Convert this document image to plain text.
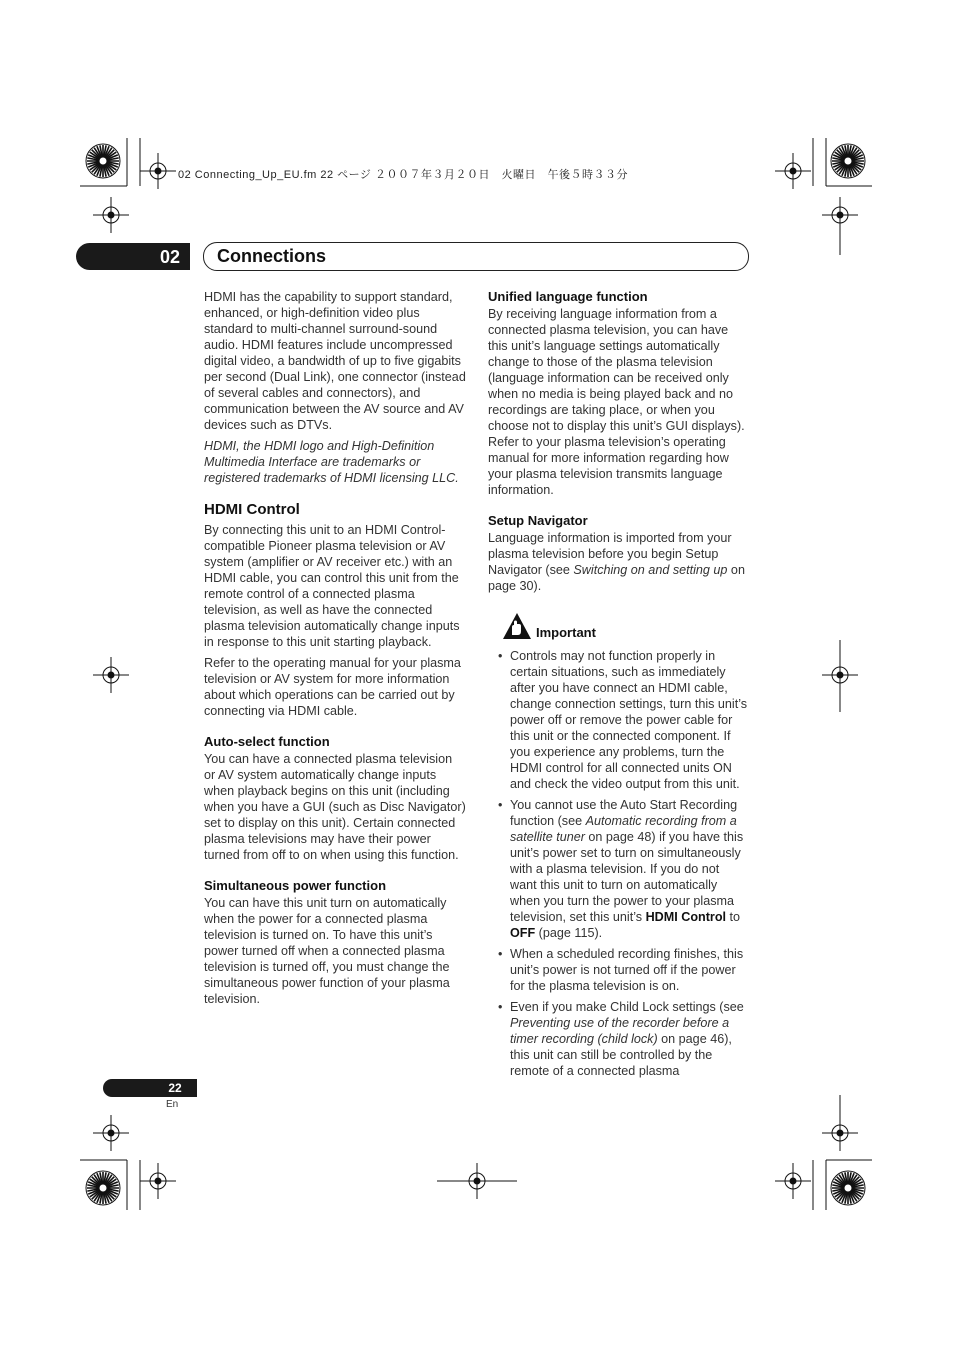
02 Connecting_Up_EU.fm 22 ページ ２００７年３月２０日　火曜日　午後５時３３分
02	Connections

HDMI has the capability to support standard, enhanced, or high-definition video plus standard to multi-channel surround-sound audio. HDMI features include uncompressed digital video, a bandwidth of up to five gigabits per second (Dual Link), one connector (instead of several cables and connectors), and communication between the AV source and AV devices such as DTVs.

HDMI, the HDMI logo and High-Definition Multimedia Interface are trademarks or registered trademarks of HDMI licensing LLC.

HDMI Control

By connecting this unit to an HDMI Control-compatible Pioneer plasma television or AV system (amplifier or AV receiver etc.) with an HDMI cable, you can control this unit from the remote control of a connected plasma television, as well as have the connected plasma television automatically change inputs in response to this unit starting playback.

Refer to the operating manual for your plasma television or AV system for more information about which operations can be carried out by connecting via HDMI cable.

Auto-select function

You can have a connected plasma television or AV system automatically change inputs when playback begins on this unit (including when you have a GUI (such as Disc Navigator) set to display on this unit). Certain connected plasma televisions may have their power turned from off to on when using this function.

Simultaneous power function

You can have this unit turn on automatically when the power for a connected plasma television is turned on. To have this unit’s power turned off when a connected plasma television is turned off, you must change the simultaneous power function of your plasma television.

Unified language function

By receiving language information from a connected plasma television, you can have this unit’s language settings automatically change to those of the plasma television (language information can be received only when no media is being played back and no recordings are taking place, or when you choose not to display this unit’s GUI displays). Refer to your plasma television’s operating manual for more information regarding how your plasma television transmits language information.

Setup Navigator

Language information is imported from your plasma television before you begin Setup Navigator (see Switching on and setting up on page 30).

Important
• Controls may not function properly in certain situations, such as immediately after you have connect an HDMI cable, change connection settings, turn this unit’s power off or remove the power cable for this unit or the connected component. If you experience any problems, turn the HDMI control for all connected units ON and check the video output from this unit.
• You cannot use the Auto Start Recording function (see Automatic recording from a satellite tuner on page 48) if you have this unit’s power set to turn on simultaneously with a plasma television. If you do not want this unit to turn on automatically when you turn the power to your plasma television, set this unit’s HDMI Control to OFF (page 115).
• When a scheduled recording finishes, this unit’s power is not turned off if the power for the plasma television is on.
• Even if you make Child Lock settings (see Preventing use of the recorder before a timer recording (child lock) on page 46), this unit can still be controlled by the remote of a connected plasma
22
En
